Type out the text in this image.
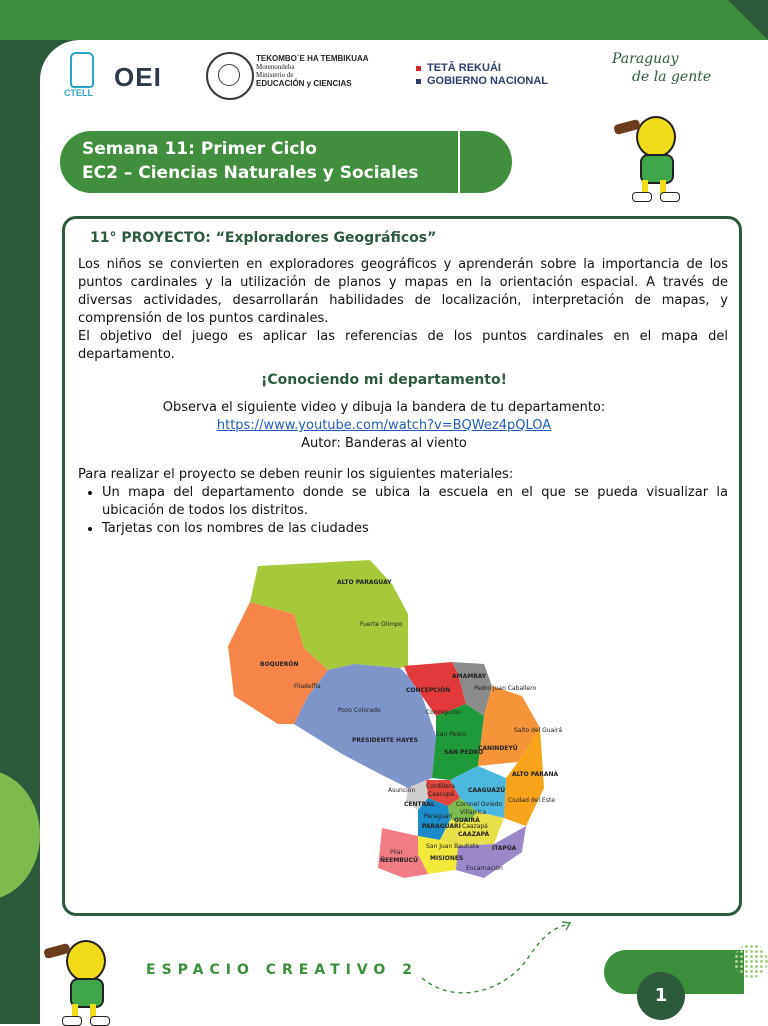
CTELL
OEI
TEKOMBO´E HA TEMBIKUAA
Motenondeha
Ministerio de
EDUCACIÓN y CIENCIAS
TETÃ REKUÁI
GOBIERNO NACIONAL
Paraguay
de la gente
Semana 11: Primer Ciclo
EC2 – Ciencias Naturales y Sociales
11° PROYECTO: “Exploradores Geográficos”
Los niños se convierten en exploradores geográficos y aprenderán sobre la importancia de los puntos cardinales y la utilización de planos y mapas en la orientación espacial. A través de diversas actividades, desarrollarán habilidades de localización, interpretación de mapas, y comprensión de los puntos cardinales.
El objetivo del juego es aplicar las referencias de los puntos cardinales en el mapa del departamento.
¡Conociendo mi departamento!
Observa el siguiente video y dibuja la bandera de tu departamento:
https://www.youtube.com/watch?v=BQWez4pQLOA
Autor: Banderas al viento
Para realizar el proyecto se deben reunir los siguientes materiales:
• Un mapa del departamento donde se ubica la escuela en el que se pueda visualizar la ubicación de todos los distritos.
• Tarjetas con los nombres de las ciudades
ALTO PARAGUAY
Fuerte Olimpo
BOQUERÓN
Filadelfia
Pozo Colorado
PRESIDENTE HAYES
CONCEPCIÓN
Concepción
AMAMBAY
Pedro Juan Caballero
San Pedro
SAN PEDRO
CANINDEYÚ
Salto del Guairá
ALTO PARANÁ
CAAGUAZÚ
Ciudad del Este
Asunción
Cordillera
Caacupé
CENTRAL	Coronel Oviedo
Villarrica
GUAIRÁ
Paraguarí
PARAGUARÍ Caazapá
CAAZAPÁ
ITAPÚA
San Juan Bautista
MISIONES
Pilar
ÑEEMBUCÚ
Encarnación
ESPACIO CREATIVO 2
1
